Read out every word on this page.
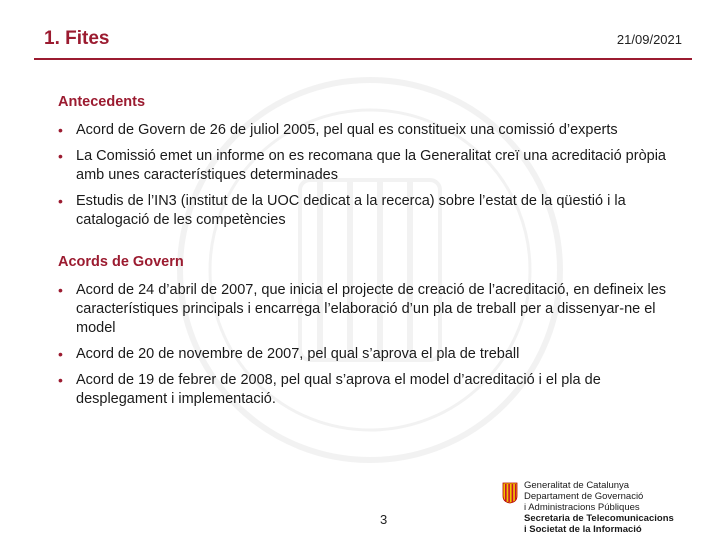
1. Fites	21/09/2021
Antecedents
• Acord de Govern de 26 de juliol 2005, pel qual es constitueix una comissió d’experts
• La Comissió emet un informe on es recomana que la Generalitat creï una acreditació pròpia amb unes característiques determinades
• Estudis de l’IN3 (institut de la UOC dedicat a la recerca) sobre l’estat de la qüestió i la catalogació de les competències
Acords de Govern
• Acord de 24 d’abril de 2007, que inicia el projecte de creació de l’acreditació, en defineix les característiques principals i encarrega l’elaboració d’un pla de treball per a dissenyar-ne el model
• Acord de 20 de novembre de 2007, pel qual s’aprova el pla de treball
• Acord de 19 de febrer de 2008, pel qual s’aprova el model d’acreditació i el pla de desplegament i implementació.
3
Generalitat de Catalunya
Departament de Governació
i Administracions Públiques
Secretaria de Telecomunicacions
i Societat de la Informació
